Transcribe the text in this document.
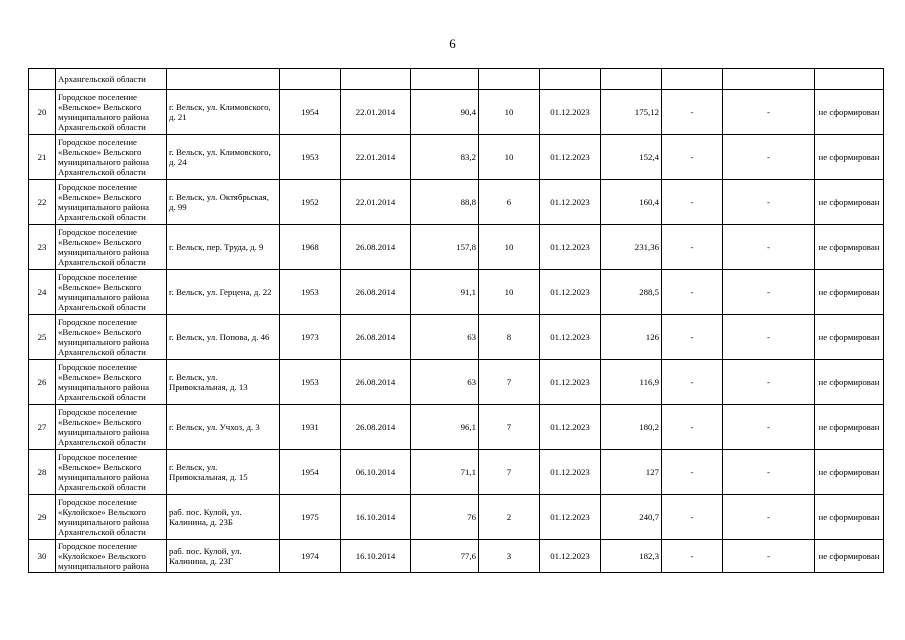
6
	Архангельской области										
20	Городское поселение
«Вельское» Вельского
муниципального района
Архангельской области	г. Вельск, ул. Климовского, д. 21	1954	22.01.2014	90,4	10	01.12.2023	175,12	-	-	не сформирован
21	Городское поселение
«Вельское» Вельского
муниципального района
Архангельской области	г. Вельск, ул. Климовского, д. 24	1953	22.01.2014	83,2	10	01.12.2023	152,4	-	-	не сформирован
22	Городское поселение
«Вельское» Вельского
муниципального района
Архангельской области	г. Вельск, ул. Октябрьская, д. 99	1952	22.01.2014	88,8	6	01.12.2023	160,4	-	-	не сформирован
23	Городское поселение
«Вельское» Вельского
муниципального района
Архангельской области	г. Вельск, пер. Труда, д. 9	1968	26.08.2014	157,8	10	01.12.2023	231,36	-	-	не сформирован
24	Городское поселение
«Вельское» Вельского
муниципального района
Архангельской области	г. Вельск, ул. Герцена, д. 22	1953	26.08.2014	91,1	10	01.12.2023	288,5	-	-	не сформирован
25	Городское поселение
«Вельское» Вельского
муниципального района
Архангельской области	г. Вельск, ул. Попова, д. 46	1973	26.08.2014	63	8	01.12.2023	126	-	-	не сформирован
26	Городское поселение
«Вельское» Вельского
муниципального района
Архангельской области	г. Вельск, ул. Привокзальная, д. 13	1953	26.08.2014	63	7	01.12.2023	116,9	-	-	не сформирован
27	Городское поселение
«Вельское» Вельского
муниципального района
Архангельской области	г. Вельск, ул. Учхоз, д. 3	1931	26.08.2014	96,1	7	01.12.2023	180,2	-	-	не сформирован
28	Городское поселение
«Вельское» Вельского
муниципального района
Архангельской области	г. Вельск, ул. Привокзальная, д. 15	1954	06.10.2014	71,1	7	01.12.2023	127	-	-	не сформирован
29	Городское поселение
«Кулойское» Вельского
муниципального района
Архангельской области	раб. пос. Кулой, ул. Калинина, д. 23Б	1975	16.10.2014	76	2	01.12.2023	240,7	-	-	не сформирован
30	Городское поселение
«Кулойское» Вельского
муниципального района	раб. пос. Кулой, ул. Калинина, д. 23Г	1974	16.10.2014	77,6	3	01.12.2023	182,3	-	-	не сформирован
